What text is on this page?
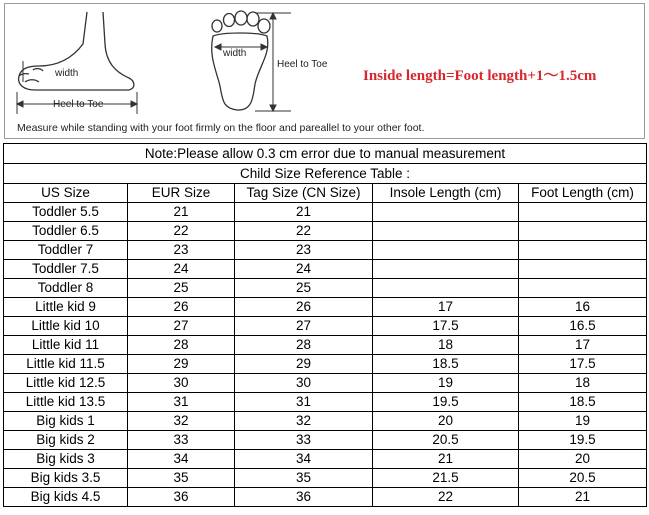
width
Heel to Toe
width
Heel to Toe
Inside length=Foot length+1～1.5cm
Measure while standing with your foot firmly on the floor and pareallel to your other foot.
Note:Please allow 0.3 cm error due to manual measurement				
Child Size Reference Table :				
US Size	EUR Size	Tag Size (CN Size)	Insole Length (cm)	Foot Length (cm)
Toddler 5.5	21	21		
Toddler 6.5	22	22		
Toddler 7	23	23		
Toddler 7.5	24	24		
Toddler 8	25	25		
Little kid 9	26	26	17	16
Little kid 10	27	27	17.5	16.5
Little kid 11	28	28	18	17
Little kid 11.5	29	29	18.5	17.5
Little kid 12.5	30	30	19	18
Little kid 13.5	31	31	19.5	18.5
Big kids 1	32	32	20	19
Big kids 2	33	33	20.5	19.5
Big kids 3	34	34	21	20
Big kids 3.5	35	35	21.5	20.5
Big kids 4.5	36	36	22	21
